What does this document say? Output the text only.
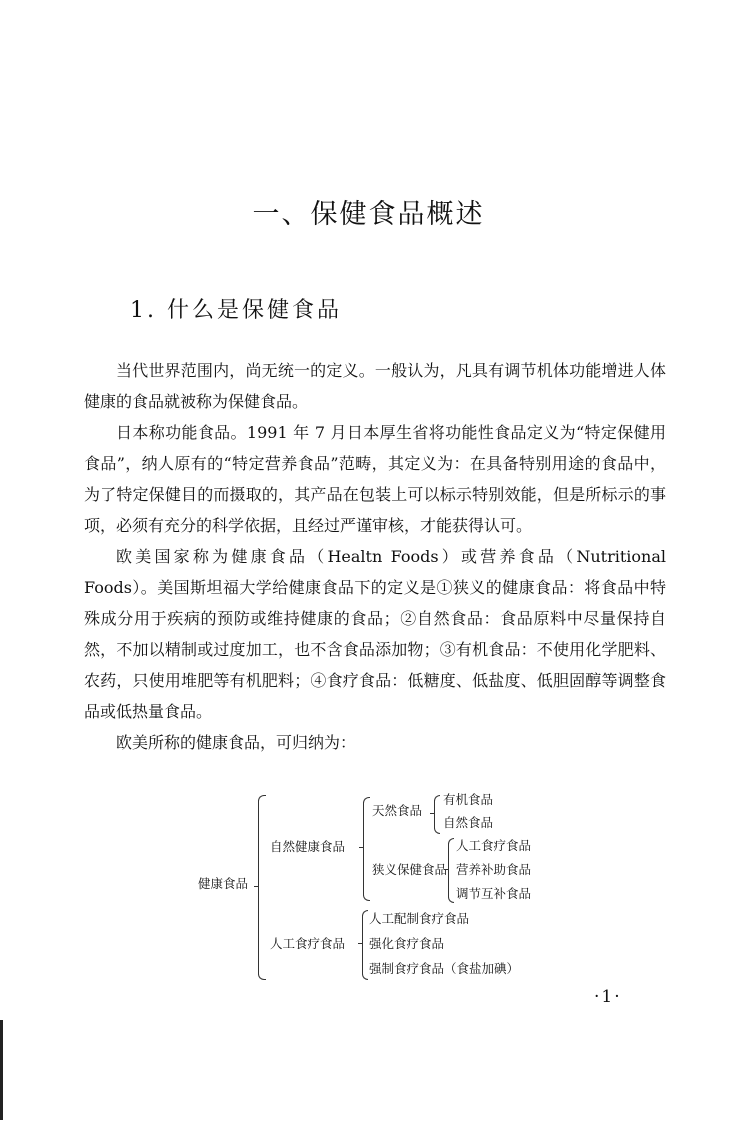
一、保健食品概述
1. 什么是保健食品

当代世界范围内，尚无统一的定义。一般认为，凡具有调节机体功能增进人体健康的食品就被称为保健食品。

日本称功能食品。1991 年 7 月日本厚生省将功能性食品定义为“特定保健用食品”，纳人原有的“特定营养食品”范畴，其定义为：在具备特别用途的食品中，为了特定保健目的而摄取的，其产品在包装上可以标示特别效能，但是所标示的事项，必须有充分的科学依据，且经过严谨审核，才能获得认可。

欧美国家称为健康食品（Healtn Foods）或营养食品（Nutritional Foods）。美国斯坦福大学给健康食品下的定义是①狭义的健康食品：将食品中特殊成分用于疾病的预防或维持健康的食品；②自然食品：食品原料中尽量保持自然，不加以精制或过度加工，也不含食品添加物；③有机食品：不使用化学肥料、农药，只使用堆肥等有机肥料；④食疗食品：低糖度、低盐度、低胆固醇等调整食品或低热量食品。

欧美所称的健康食品，可归纳为：

健康食品
自然健康食品
天然食品
有机食品
自然食品
狭义保健食品
人工食疗食品
营养补助食品
调节互补食品
人工食疗食品
人工配制食疗食品
强化食疗食品
强制食疗食品（食盐加碘）
·1·
